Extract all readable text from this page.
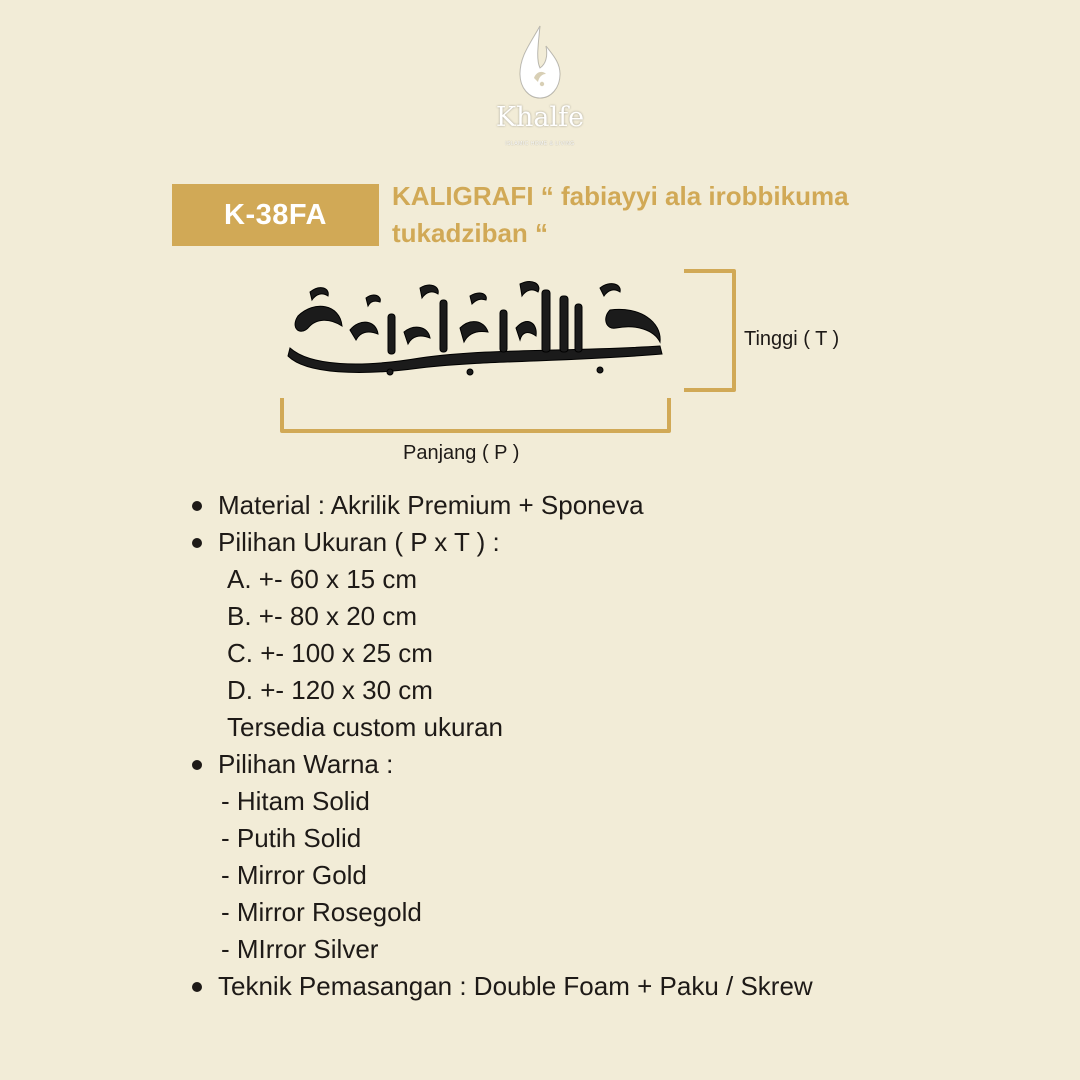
Khalfe
ISLAMIC HOME & LIVING
K-38FA
KALIGRAFI “ fabiayyi ala irobbikuma
tukadziban “
Tinggi ( T )
Panjang ( P )
Material : Akrilik Premium + Sponeva
Pilihan Ukuran ( P x T ) :
A. +- 60 x 15 cm
B. +- 80 x 20 cm
C. +- 100 x 25 cm
D. +- 120 x 30 cm
Tersedia custom ukuran
Pilihan Warna :
- Hitam Solid
- Putih Solid
- Mirror Gold
- Mirror Rosegold
- MIrror Silver
Teknik Pemasangan : Double Foam + Paku / Skrew
